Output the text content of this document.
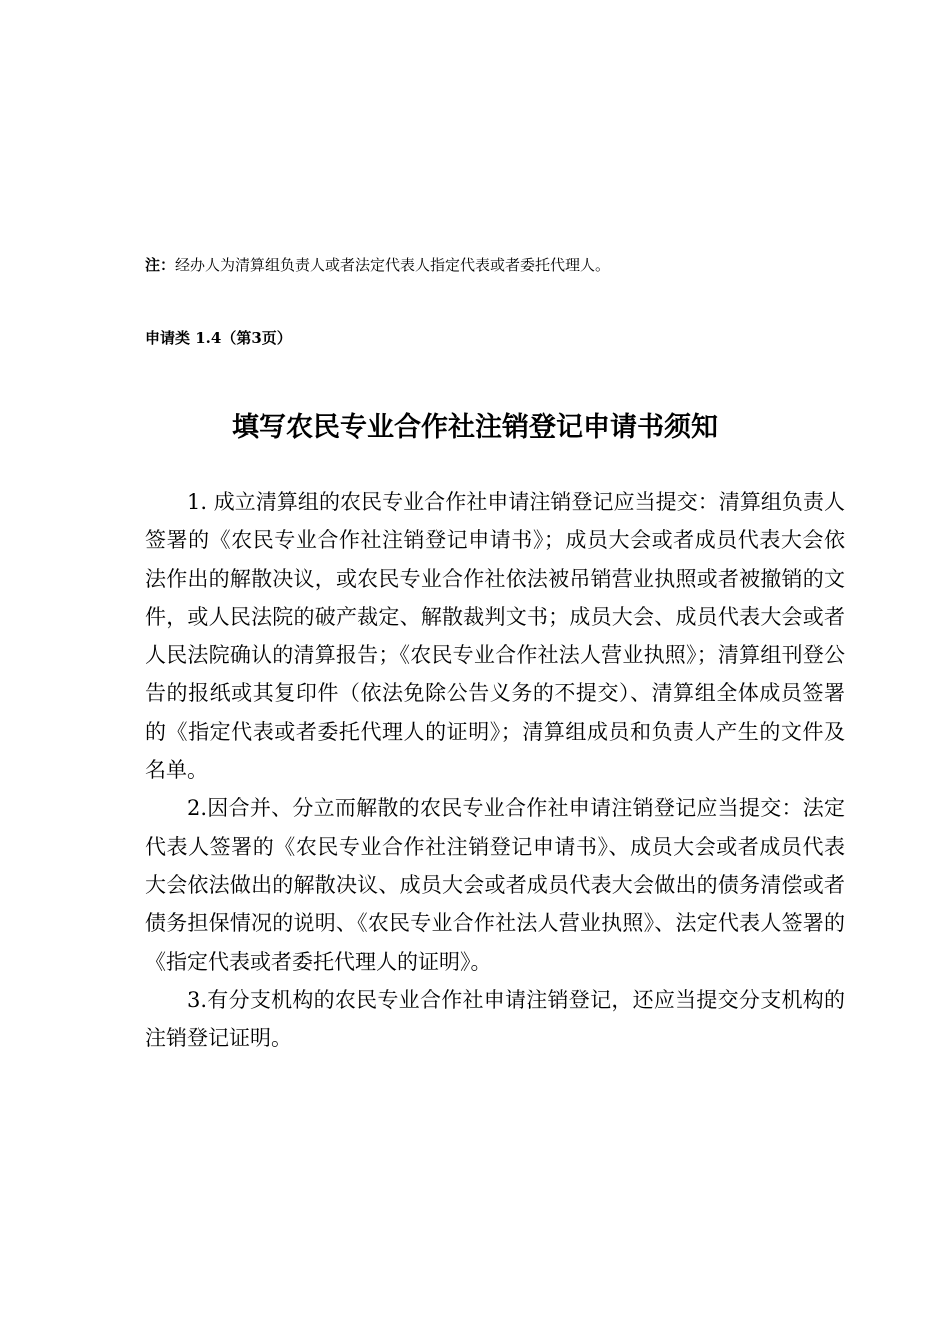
注：经办人为清算组负责人或者法定代表人指定代表或者委托代理人。
申请类 1.4（第3页）
填写农民专业合作社注销登记申请书须知

1. 成立清算组的农民专业合作社申请注销登记应当提交：清算组负责人签署的《农民专业合作社注销登记申请书》；成员大会或者成员代表大会依法作出的解散决议，或农民专业合作社依法被吊销营业执照或者被撤销的文件，或人民法院的破产裁定、解散裁判文书；成员大会、成员代表大会或者人民法院确认的清算报告；《农民专业合作社法人营业执照》；清算组刊登公告的报纸或其复印件（依法免除公告义务的不提交）、清算组全体成员签署的《指定代表或者委托代理人的证明》；清算组成员和负责人产生的文件及名单。

2.因合并、分立而解散的农民专业合作社申请注销登记应当提交：法定代表人签署的《农民专业合作社注销登记申请书》、成员大会或者成员代表大会依法做出的解散决议、成员大会或者成员代表大会做出的债务清偿或者债务担保情况的说明、《农民专业合作社法人营业执照》、法定代表人签署的《指定代表或者委托代理人的证明》。

3.有分支机构的农民专业合作社申请注销登记，还应当提交分支机构的注销登记证明。
